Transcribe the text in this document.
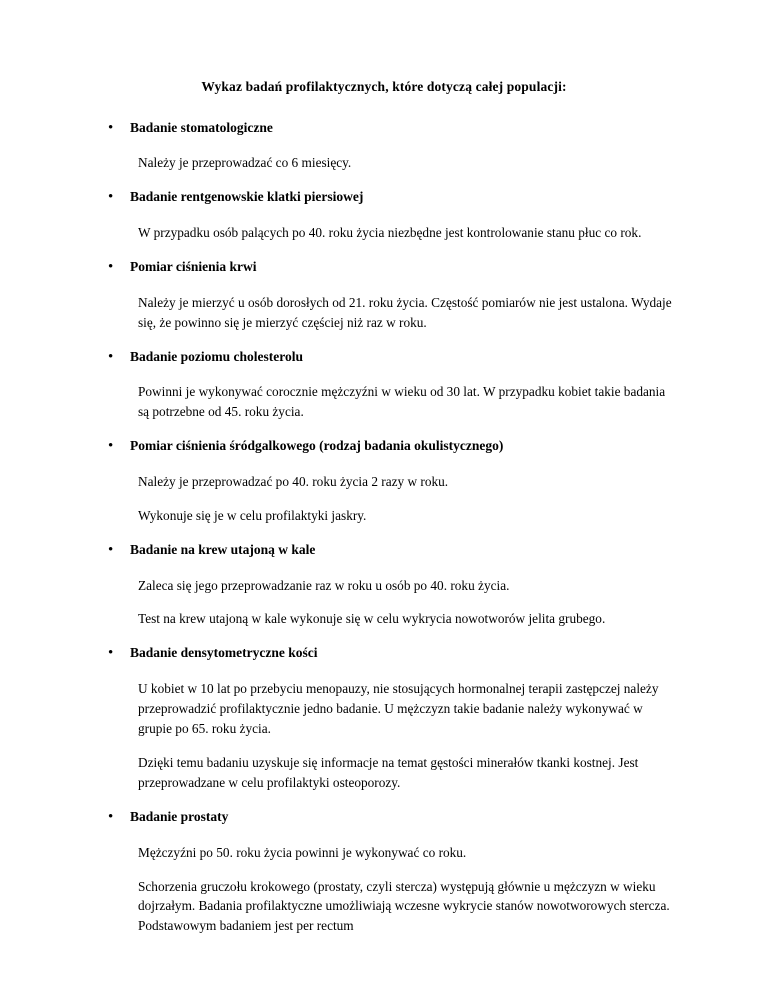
Wykaz badań profilaktycznych, które dotyczą całej populacji:
•
Badanie stomatologiczne

Należy je przeprowadzać co 6 miesięcy.

•
Badanie rentgenowskie klatki piersiowej

W przypadku osób palących po 40. roku życia niezbędne jest kontrolowanie stanu płuc co rok.

•
Pomiar ciśnienia krwi

Należy je mierzyć u osób dorosłych od 21. roku życia. Częstość pomiarów nie jest ustalona. Wydaje się, że powinno się je mierzyć częściej niż raz w roku.

•
Badanie poziomu cholesterolu

Powinni je wykonywać corocznie mężczyźni w wieku od 30 lat. W przypadku kobiet takie badania są potrzebne od 45. roku życia.

•
Pomiar ciśnienia śródgalkowego (rodzaj badania okulistycznego)

Należy je przeprowadzać po 40. roku życia 2 razy w roku.

Wykonuje się je w celu profilaktyki jaskry.

•
Badanie na krew utajoną w kale

Zaleca się jego przeprowadzanie raz w roku u osób po 40. roku życia.

Test na krew utajoną w kale wykonuje się w celu wykrycia nowotworów jelita grubego.

•
Badanie densytometryczne kości

U kobiet w 10 lat po przebyciu menopauzy, nie stosujących hormonalnej terapii zastępczej należy przeprowadzić profilaktycznie jedno badanie. U mężczyzn takie badanie należy wykonywać w grupie po 65. roku życia.

Dzięki temu badaniu uzyskuje się informacje na temat gęstości minerałów tkanki kostnej. Jest przeprowadzane w celu profilaktyki osteoporozy.

•
Badanie prostaty

Mężczyźni po 50. roku życia powinni je wykonywać co roku.

Schorzenia gruczołu krokowego (prostaty, czyli stercza) występują głównie u mężczyzn w wieku dojrzałym. Badania profilaktyczne umożliwiają wczesne wykrycie stanów nowotworowych stercza. Podstawowym badaniem jest per rectum
